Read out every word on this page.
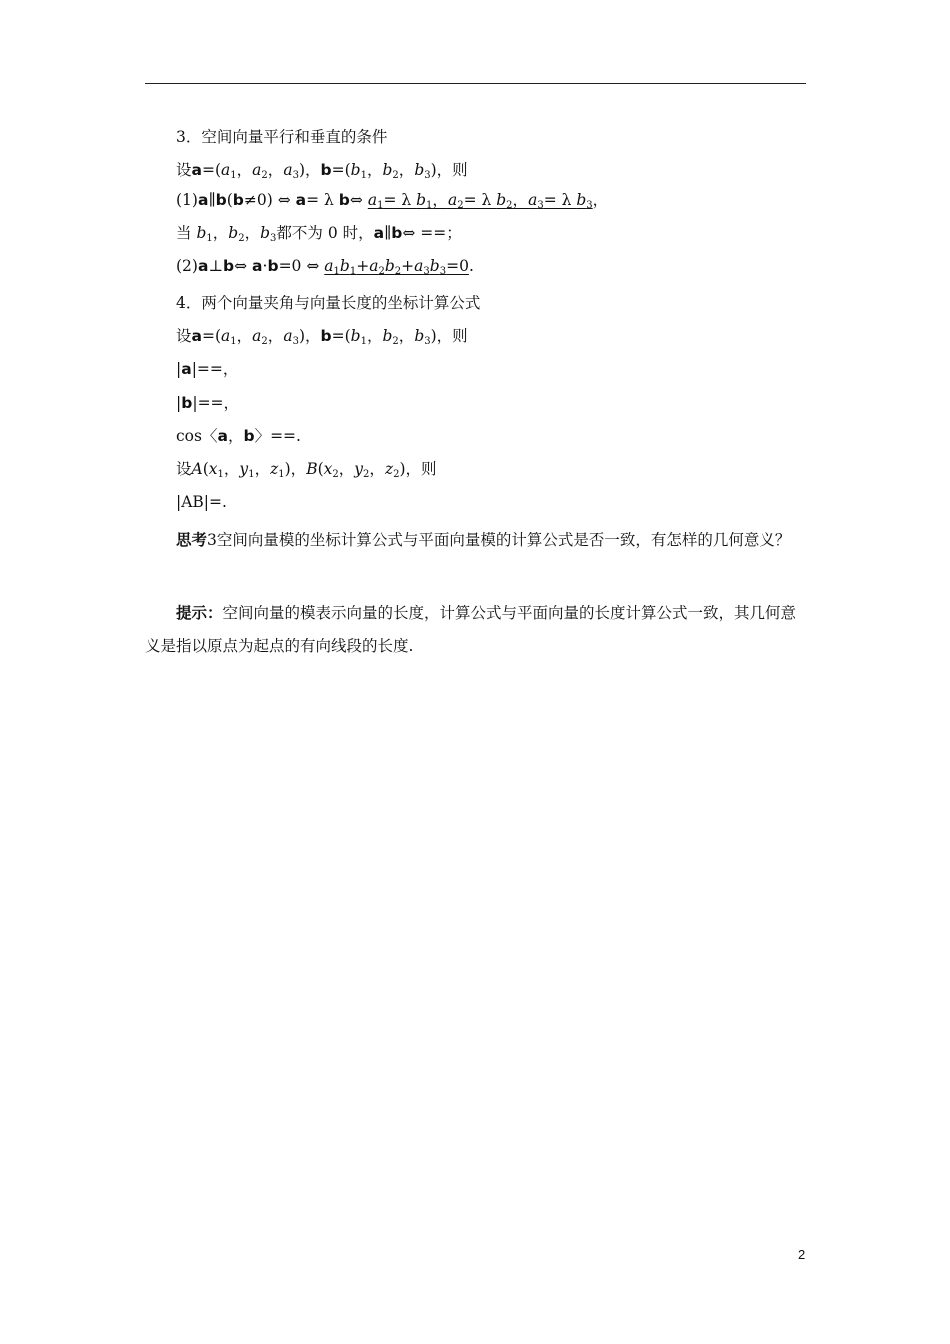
3．空间向量平行和垂直的条件
设$a=(a_1$，$a_2$，$a_3$)，$b=(b_1$，$b_2$，$b_3$)，则
(1)a∥b(b≠0) ⇔ a= λ b⇔ $a_1= \lambda$ $b_1$，$a_2= \lambda$ $b_2$，$a_3= \lambda$ $b_3$，
当 $b_1$，$b_2$，$b_3$都不为 0 时，a∥b⇔ ==；
(2)a⊥b⇔ a·b=0 ⇔ $a_1b_1+a_2b_2+a_3b_3=0$.
4．两个向量夹角与向量长度的坐标计算公式
设$a=(a_1$，$a_2$，$a_3$)，$b=(b_1$，$b_2$，$b_3$)，则
|a|==，
|b|==，
cos〈a，b〉==.
设$A(x_1$，$y_1$，$z_1$)，$B(x_2$，$y_2$，$z_2$)，则
|AB|=.
思考3空间向量模的坐标计算公式与平面向量模的计算公式是否一致，有怎样的几何意义？
提示：空间向量的模表示向量的长度，计算公式与平面向量的长度计算公式一致，其几何意义是指以原点为起点的有向线段的长度.
2
